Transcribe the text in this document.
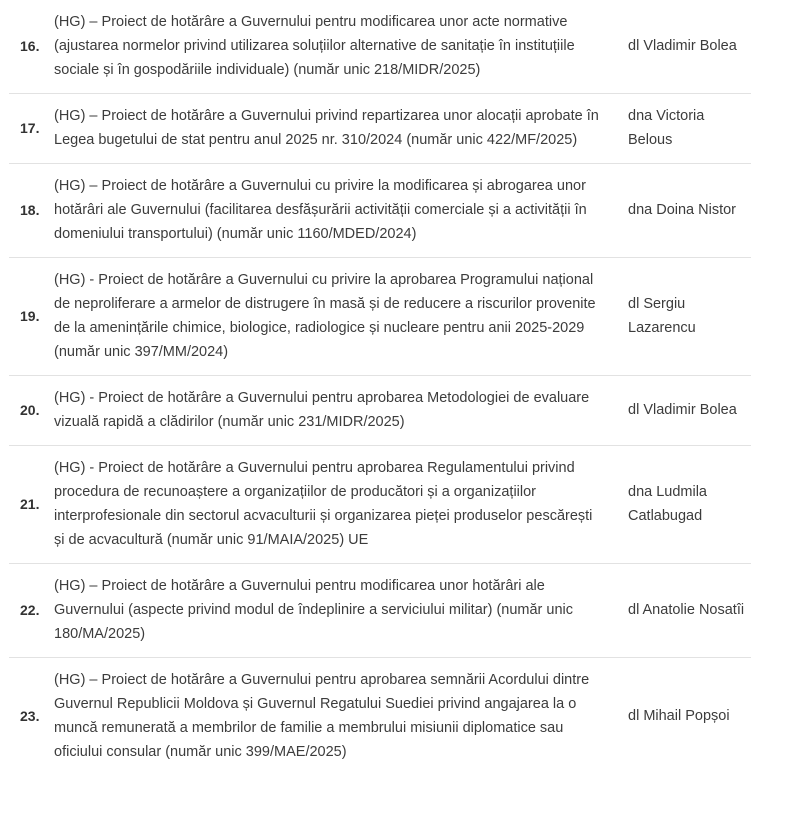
16.	(HG) – Proiect de hotărâre a Guvernului pentru modificarea unor acte normative (ajustarea normelor privind utilizarea soluțiilor alternative de sanitație în instituțiile sociale și în gospodăriile individuale) (număr unic 218/MIDR/2025)	dl Vladimir Bolea
17.	(HG) – Proiect de hotărâre a Guvernului privind repartizarea unor alocații aprobate în Legea bugetului de stat pentru anul 2025 nr. 310/2024 (număr unic 422/MF/2025)	dna Victoria Belous
18.	(HG) – Proiect de hotărâre a Guvernului cu privire la modificarea și abrogarea unor hotărâri ale Guvernului (facilitarea desfășurării activității comerciale și a activității în domeniului transportului) (număr unic 1160/MDED/2024)	dna Doina Nistor
19.	(HG) - Proiect de hotărâre a Guvernului cu privire la aprobarea Programului național de neproliferare a armelor de distrugere în masă și de reducere a riscurilor provenite de la amenințările chimice, biologice, radiologice și nucleare pentru anii 2025-2029 (număr unic 397/MM/2024)	dl Sergiu Lazarencu
20.	(HG) - Proiect de hotărâre a Guvernului pentru aprobarea Metodologiei de evaluare vizuală rapidă a clădirilor (număr unic 231/MIDR/2025)	dl Vladimir Bolea
21.	(HG) - Proiect de hotărâre a Guvernului pentru aprobarea Regulamentului privind procedura de recunoaștere a organizațiilor de producători și a organizațiilor interprofesionale din sectorul acvaculturii și organizarea pieței produselor pescărești și de acvacultură (număr unic 91/MAIA/2025) UE	dna Ludmila Catlabugad
22.	(HG) – Proiect de hotărâre a Guvernului pentru modificarea unor hotărâri ale Guvernului (aspecte privind modul de îndeplinire a serviciului militar) (număr unic 180/MA/2025)	dl Anatolie Nosatîi
23.	(HG) – Proiect de hotărâre a Guvernului pentru aprobarea semnării Acordului dintre Guvernul Republicii Moldova și Guvernul Regatului Suediei privind angajarea la o muncă remunerată a membrilor de familie a membrului misiunii diplomatice sau oficiului consular (număr unic 399/MAE/2025)	dl Mihail Popșoi
